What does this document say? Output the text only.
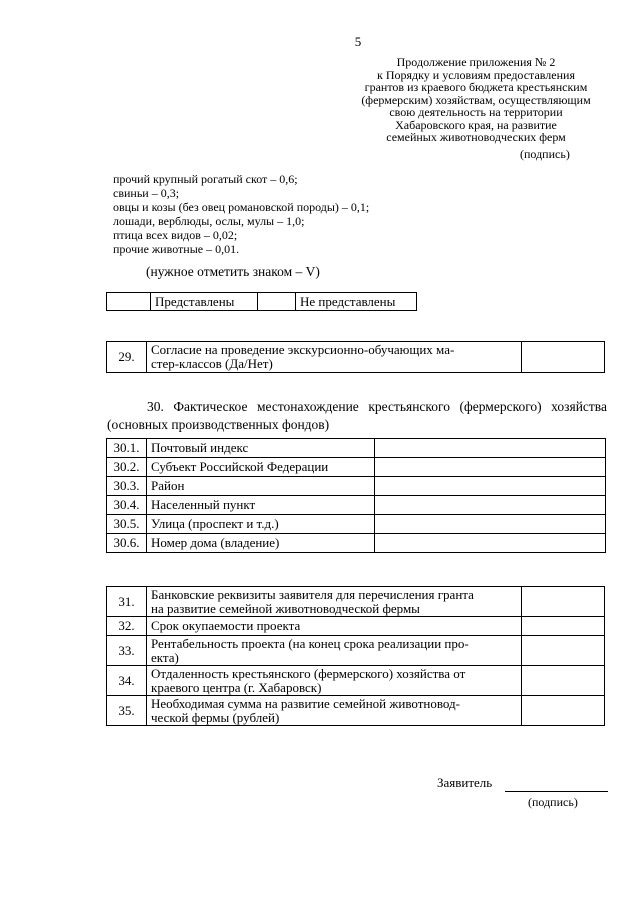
5
Продолжение приложения № 2
к Порядку и условиям предоставления
грантов из краевого бюджета крестьянским
(фермерским) хозяйствам, осуществляющим
свою деятельность на территории
Хабаровского края, на развитие
семейных животноводческих ферм
(подпись)
прочий крупный рогатый скот – 0,6;
свиньи – 0,3;
овцы и козы (без овец романовской породы) – 0,1;
лошади, верблюды, ослы, мулы – 1,0;
птица всех видов – 0,02;
прочие животные – 0,01.
(нужное отметить знаком – V)
	Представлены		Не представлены
29.	Согласие на проведение экскурсионно-обучающих ма-
стер-классов (Да/Нет)

30. Фактическое местонахождение крестьянского (фермерского) хозяйства (основных производственных фондов)
30.1.	Почтовый индекс	
30.2.	Субъект Российской Федерации	
30.3.	Район	
30.4.	Населенный пункт	
30.5.	Улица (проспект и т.д.)	
30.6.	Номер дома (владение)	
31.	Банковские реквизиты заявителя для перечисления гранта
на развитие семейной животноводческой фермы	

32.	Срок окупаемости проекта	

33.	Рентабельность проекта (на конец срока реализации про-
екта)	

34.	Отдаленность крестьянского (фермерского) хозяйства от
краевого центра (г. Хабаровск)	

35.	Необходимая сумма на развитие семейной животновод-
ческой фермы (рублей)	

Заявитель
(подпись)
